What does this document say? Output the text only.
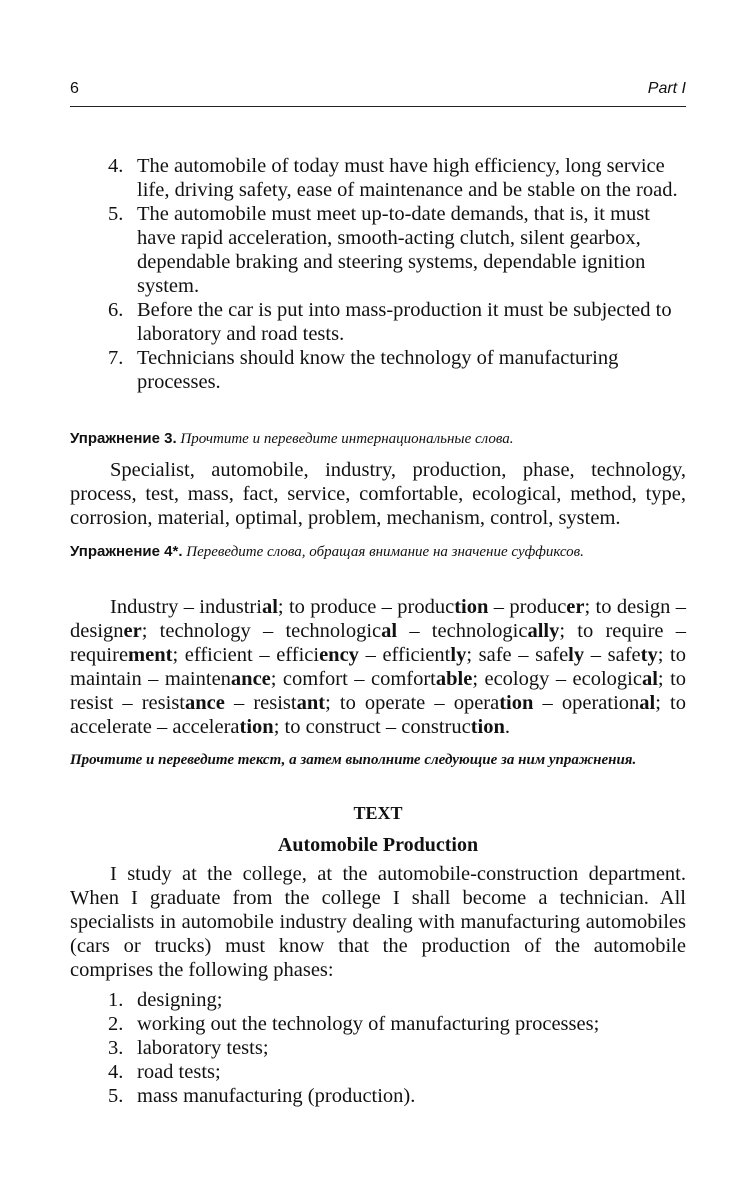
6	Part I
4. The automobile of today must have high efficiency, long service life, driving safety, ease of maintenance and be stable on the road.
5. The automobile must meet up-to-date demands, that is, it must have rapid acceleration, smooth-acting clutch, silent gearbox, dependable braking and steering systems, dependable ignition system.
6. Before the car is put into mass-production it must be subjected to laboratory and road tests.
7. Technicians should know the technology of manufacturing processes.
Упражнение 3. Прочтите и переведите интернациональные слова.
Specialist, automobile, industry, production, phase, technology, process, test, mass, fact, service, comfortable, ecological, method, type, corrosion, material, optimal, problem, mechanism, control, system.
Упражнение 4*. Переведите слова, обращая внимание на значение суффиксов.
Industry – industrial; to produce – production – producer; to design – designer; technology – technological – technologically; to require – requirement; efficient – efficiency – efficiently; safe – safely – safety; to maintain – maintenance; comfort – comfortable; ecology – ecological; to resist – resistance – resistant; to operate – operation – operational; to accelerate – acceleration; to construct – construction.
Прочтите и переведите текст, а затем выполните следующие за ним упражнения.
TEXT
Automobile Production
I study at the college, at the automobile-construction department. When I graduate from the college I shall become a technician. All specialists in automobile industry dealing with manufacturing automobiles (cars or trucks) must know that the production of the automobile comprises the following phases:
1. designing;
2. working out the technology of manufacturing processes;
3. laboratory tests;
4. road tests;
5. mass manufacturing (production).
